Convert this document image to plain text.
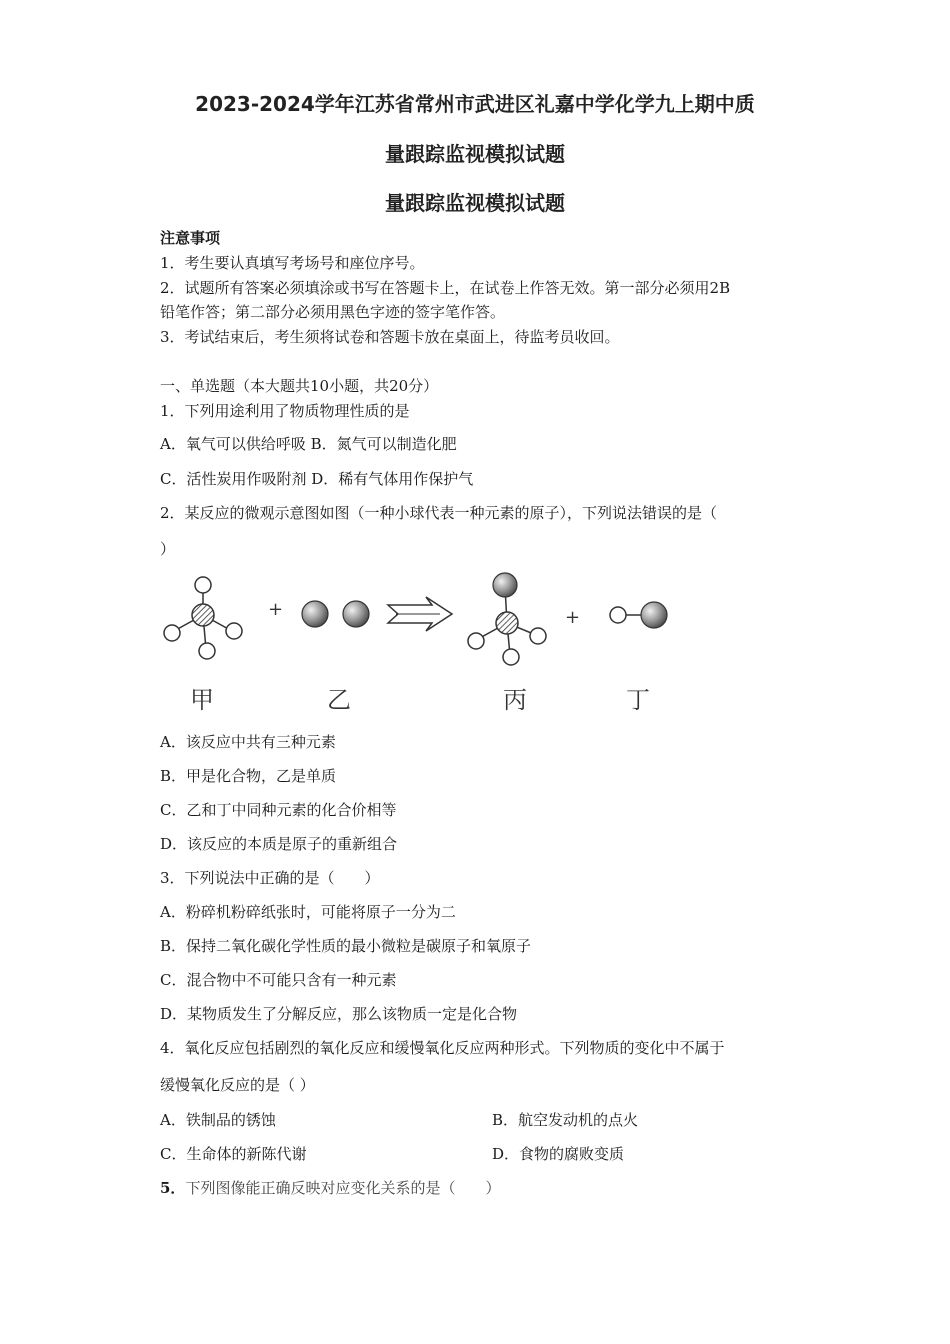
2023-2024学年江苏省常州市武进区礼嘉中学化学九上期中质
量跟踪监视模拟试题
量跟踪监视模拟试题
注意事项
1．考生要认真填写考场号和座位序号。
2．试题所有答案必须填涂或书写在答题卡上，在试卷上作答无效。第一部分必须用2B
铅笔作答；第二部分必须用黑色字迹的签字笔作答。
3．考试结束后，考生须将试卷和答题卡放在桌面上，待监考员收回。
一、单选题（本大题共10小题，共20分）
1．下列用途利用了物质物理性质的是
A．氧气可以供给呼吸 B．氮气可以制造化肥
C．活性炭用作吸附剂 D．稀有气体用作保护气
2．某反应的微观示意图如图（一种小球代表一种元素的原子），下列说法错误的是（
）
+	+
甲	乙	丙	丁
A．该反应中共有三种元素
B．甲是化合物，乙是单质
C．乙和丁中同种元素的化合价相等
D．该反应的本质是原子的重新组合
3．下列说法中正确的是（　　）
A．粉碎机粉碎纸张时，可能将原子一分为二
B．保持二氧化碳化学性质的最小微粒是碳原子和氧原子
C．混合物中不可能只含有一种元素
D．某物质发生了分解反应，那么该物质一定是化合物
4．氧化反应包括剧烈的氧化反应和缓慢氧化反应两种形式。下列物质的变化中不属于
缓慢氧化反应的是（ ）
A．铁制品的锈蚀	B．航空发动机的点火
C．生命体的新陈代谢	D．食物的腐败变质
5．下列图像能正确反映对应变化关系的是（　　）
